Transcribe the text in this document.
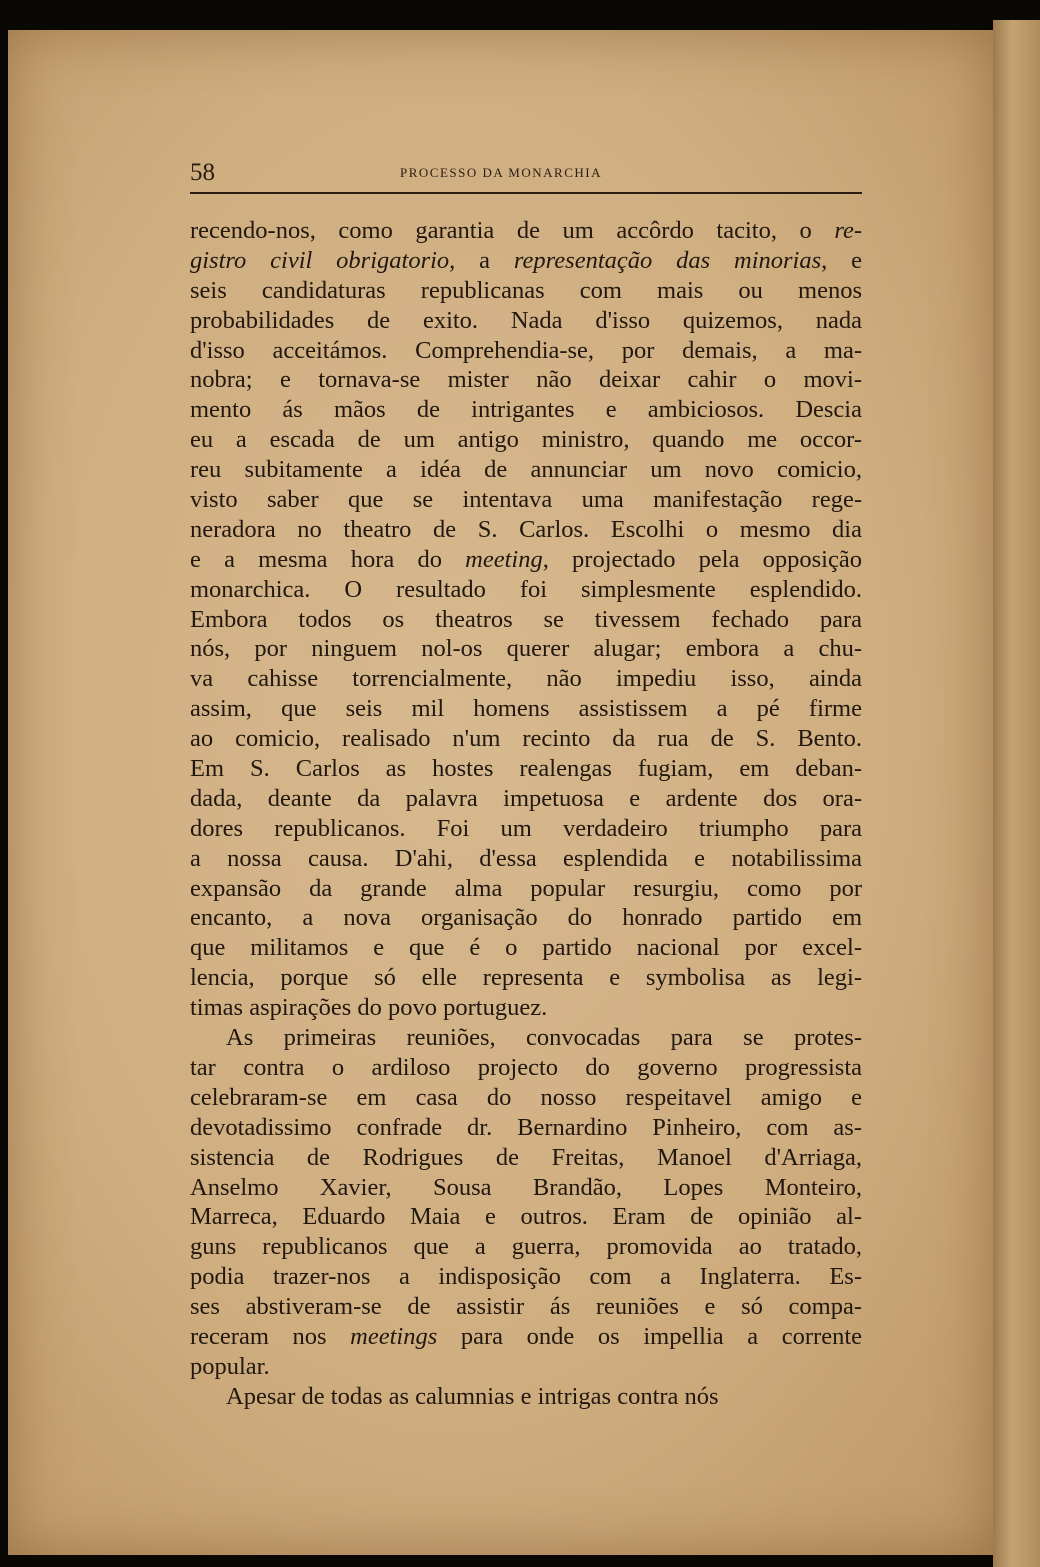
58	PROCESSO DA MONARCHIA
recendo-nos, como garantia de um accôrdo tacito, o re-
gistro civil obrigatorio, a representação das minorias, e
seis candidaturas republicanas com mais ou menos
probabilidades de exito. Nada d'isso quizemos, nada
d'isso acceitámos. Comprehendia-se, por demais, a ma-
nobra; e tornava-se mister não deixar cahir o movi-
mento ás mãos de intrigantes e ambiciosos. Descia
eu a escada de um antigo ministro, quando me occor-
reu subitamente a idéa de annunciar um novo comicio,
visto saber que se intentava uma manifestação rege-
neradora no theatro de S. Carlos. Escolhi o mesmo dia
e a mesma hora do meeting, projectado pela opposição
monarchica. O resultado foi simplesmente esplendido.
Embora todos os theatros se tivessem fechado para
nós, por ninguem nol-os querer alugar; embora a chu-
va cahisse torrencialmente, não impediu isso, ainda
assim, que seis mil homens assistissem a pé firme
ao comicio, realisado n'um recinto da rua de S. Bento.
Em S. Carlos as hostes realengas fugiam, em deban-
dada, deante da palavra impetuosa e ardente dos ora-
dores republicanos. Foi um verdadeiro triumpho para
a nossa causa. D'ahi, d'essa esplendida e notabilissima
expansão da grande alma popular resurgiu, como por
encanto, a nova organisação do honrado partido em
que militamos e que é o partido nacional por excel-
lencia, porque só elle representa e symbolisa as legi-
timas aspirações do povo portuguez.
As primeiras reuniões, convocadas para se protes-
tar contra o ardiloso projecto do governo progressista
celebraram-se em casa do nosso respeitavel amigo e
devotadissimo confrade dr. Bernardino Pinheiro, com as-
sistencia de Rodrigues de Freitas, Manoel d'Arriaga,
Anselmo Xavier, Sousa Brandão, Lopes Monteiro,
Marreca, Eduardo Maia e outros. Eram de opinião al-
guns republicanos que a guerra, promovida ao tratado,
podia trazer-nos a indisposição com a Inglaterra. Es-
ses abstiveram-se de assistir ás reuniões e só compa-
receram nos meetings para onde os impellia a corrente
popular.
Apesar de todas as calumnias e intrigas contra nós
